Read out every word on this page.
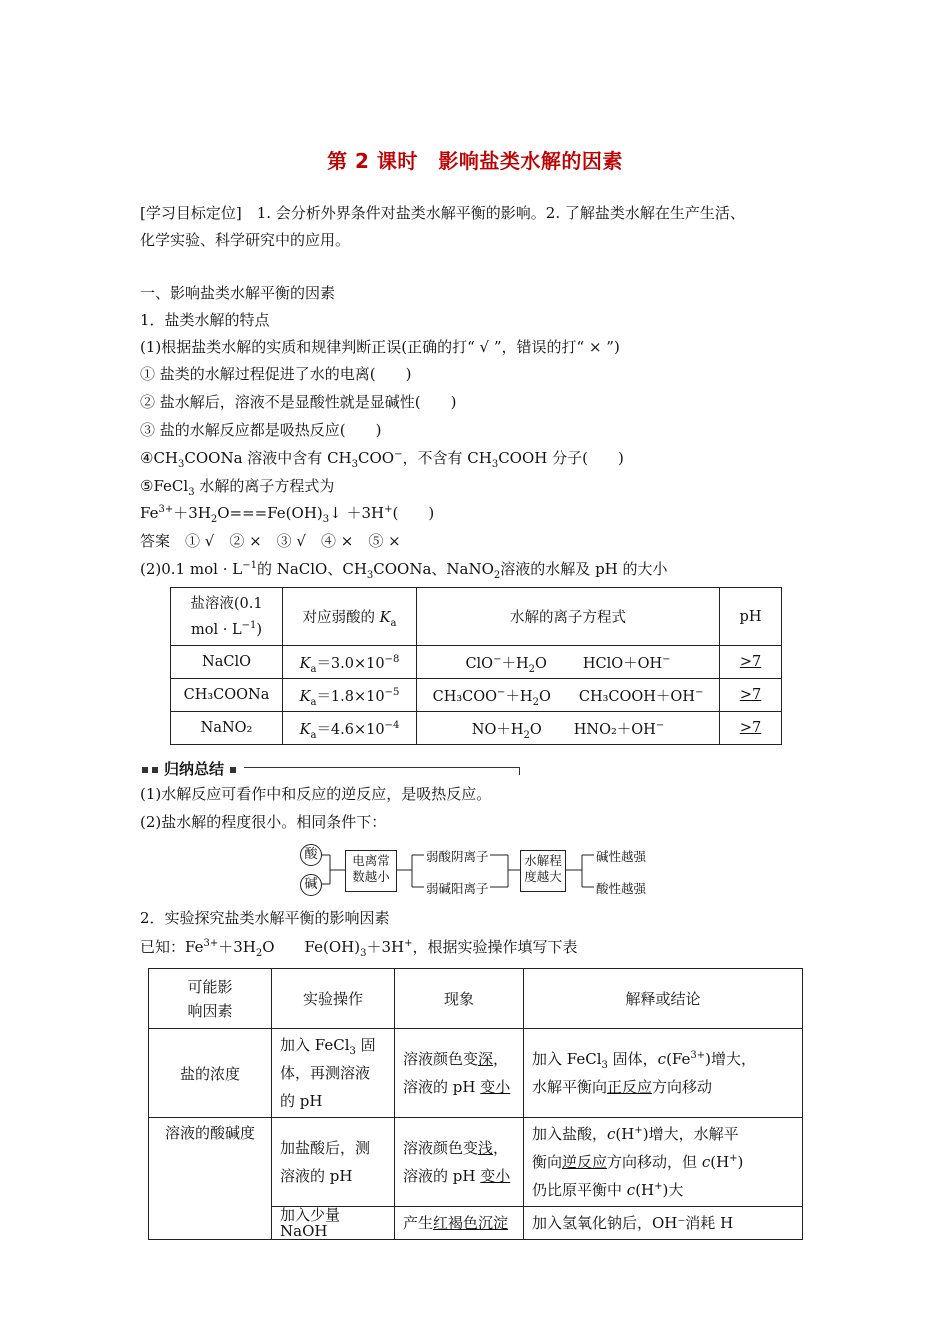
第 2 课时　影响盐类水解的因素
[学习目标定位]　1. 会分析外界条件对盐类水解平衡的影响。2. 了解盐类水解在生产生活、
化学实验、科学研究中的应用。
一、影响盐类水解平衡的因素
1．盐类水解的特点
(1)根据盐类水解的实质和规律判断正误(正确的打“ √ ”，错误的打“ × ”)
① 盐类的水解过程促进了水的电离(　　)
② 盐水解后，溶液不是显酸性就是显碱性(　　)
③ 盐的水解反应都是吸热反应(　　)
$④CH_3COONa$ 溶液中含有 $CH_3COO^-$，不含有 $CH_3COOH$ 分子(　　)
⑤FeCl$_3$ 水解的离子方程式为
$Fe^{3+}+3H_2O===Fe(OH)_3↓ +3H^+$(　　)
答案　① √　② ×　③ √　④ ×　⑤ ×
(2)0.1 mol · $L^{-1}$的 NaClO、$CH_3COONa$、NaNO$_2$溶液的水解及 pH 的大小
盐溶液(0.1
mol · $L^{-1}$)	对应弱酸的 $K_a$	水解的离子方程式	pH
NaClO	$K_a=3.0\times 10^{-8}$	$ClO^-+H_2O$ HClO＋OH−	>7
CH₃COONa	$K_a=1.8\times 10^{-5}$	$CH_3COO^-+H_2O$ CH₃COOH＋OH−	>7
NaNO₂	$K_a=4.6\times 10^{-4}$	$NO+H_2O$ HNO₂＋OH−	>7
归纳总结
(1)水解反应可看作中和反应的逆反应，是吸热反应。
(2)盐水解的程度很小。相同条件下：
酸
碱
电离常
数越小
弱酸阴离子
弱碱阳离子
水解程
度越大
碱性越强
酸性越强
2．实验探究盐类水解平衡的影响因素
已知：$Fe^{3+}+3H_2O$　　$Fe(OH)_3+3H^+$，根据实验操作填写下表
可能影
响因素	实验操作	现象	解释或结论
盐的浓度	加入 FeCl$_3$ 固
体，再测溶液
的 pH	溶液颜色变深，
溶液的 pH 变小	加入 FeCl$_3$ 固体，$c(Fe^{3+})$增大，
水解平衡向正反应方向移动
溶液的酸碱度	加盐酸后，测
溶液的 pH	溶液颜色变浅，
溶液的 pH 变小	加入盐酸，c(H+)增大，水解平
衡向逆反应方向移动，但 c(H+)
仍比原平衡中 c(H+)大
	加入少量 NaOH	产生红褐色沉淀	加入氢氧化钠后，OH⁻消耗 H
